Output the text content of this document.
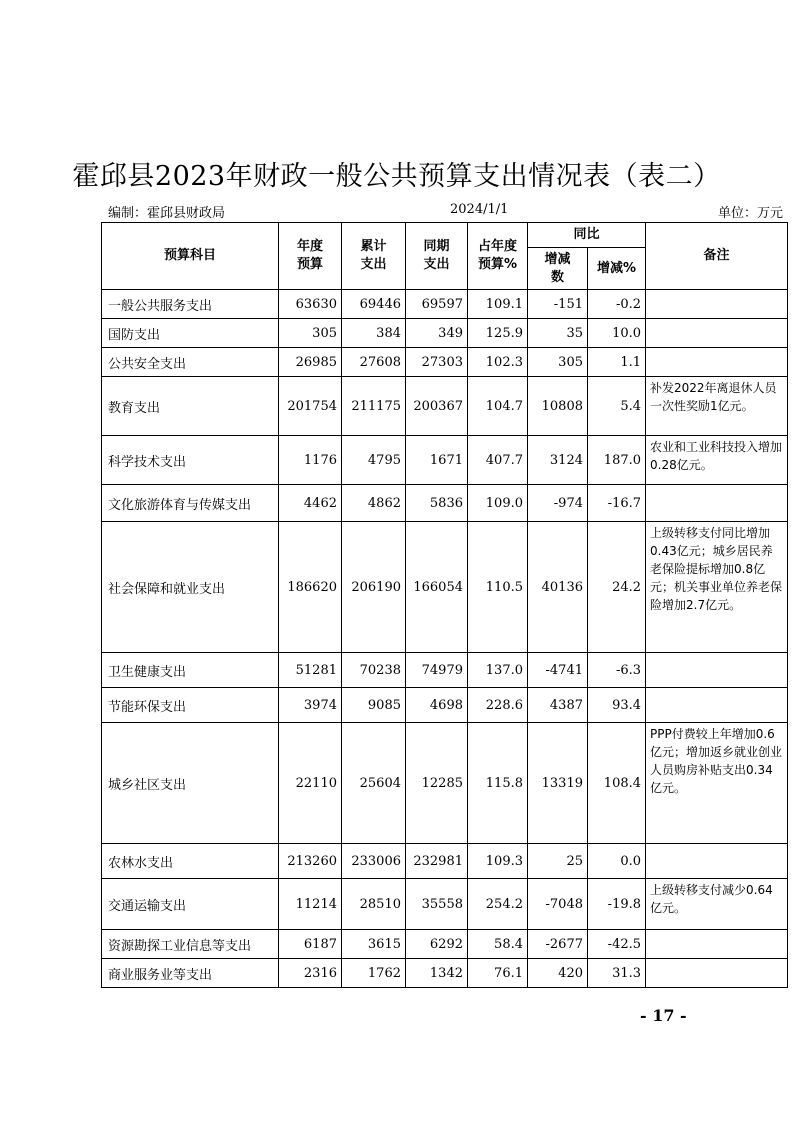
霍邱县2023年财政一般公共预算支出情况表（表二）
编制：霍邱县财政局	2024/1/1	单位：万元
预算科目	年度预算	累计支出	同期支出	占年度预算%	同比		备注

					增减数	增减%	
一般公共服务支出	63630	69446	69597	109.1	-151	-0.2	
国防支出	305	384	349	125.9	35	10.0	
公共安全支出	26985	27608	27303	102.3	305	1.1	
教育支出	201754	211175	200367	104.7	10808	5.4	补发2022年离退休人员一次性奖励1亿元。
科学技术支出	1176	4795	1671	407.7	3124	187.0	农业和工业科技投入增加0.28亿元。
文化旅游体育与传媒支出	4462	4862	5836	109.0	-974	-16.7	
社会保障和就业支出	186620	206190	166054	110.5	40136	24.2	上级转移支付同比增加0.43亿元；城乡居民养老保险提标增加0.8亿元；机关事业单位养老保险增加2.7亿元。
卫生健康支出	51281	70238	74979	137.0	-4741	-6.3	
节能环保支出	3974	9085	4698	228.6	4387	93.4	
城乡社区支出	22110	25604	12285	115.8	13319	108.4	PPP付费较上年增加0.6亿元；增加返乡就业创业人员购房补贴支出0.34亿元。
农林水支出	213260	233006	232981	109.3	25	0.0	
交通运输支出	11214	28510	35558	254.2	-7048	-19.8	上级转移支付减少0.64亿元。
资源勘探工业信息等支出	6187	3615	6292	58.4	-2677	-42.5	
商业服务业等支出	2316	1762	1342	76.1	420	31.3	
- 17 -
